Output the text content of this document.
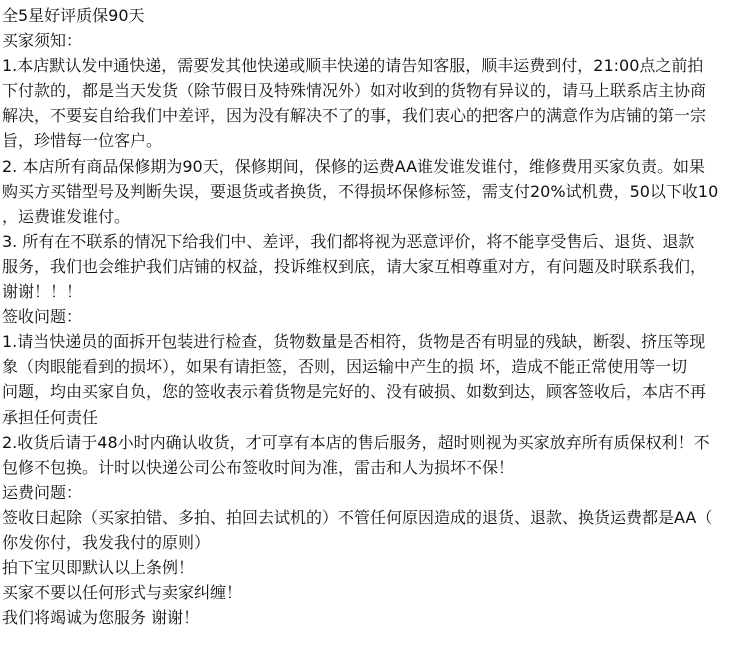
全5星好评质保90天

买家须知：

1.本店默认发中通快递，需要发其他快递或顺丰快递的请告知客服，顺丰运费到付，21:00点之前拍

下付款的，都是当天发货（除节假日及特殊情况外）如对收到的货物有异议的，请马上联系店主协商

解决，不要妄自给我们中差评，因为没有解决不了的事，我们衷心的把客户的满意作为店铺的第一宗

旨，珍惜每一位客户。

2. 本店所有商品保修期为90天，保修期间，保修的运费AA谁发谁发谁付，维修费用买家负责。如果

购买方买错型号及判断失误，要退货或者换货，不得损坏保修标签，需支付20%试机费，50以下收10

，运费谁发谁付。

3. 所有在不联系的情况下给我们中、差评，我们都将视为恶意评价，将不能享受售后、退货、退款

服务，我们也会维护我们店铺的权益，投诉维权到底，请大家互相尊重对方，有问题及时联系我们，

谢谢！！！

签收问题：

1.请当快递员的面拆开包装进行检查，货物数量是否相符，货物是否有明显的残缺，断裂、挤压等现

象（肉眼能看到的损坏），如果有请拒签，否则，因运输中产生的损 坏，造成不能正常使用等一切

问题，均由买家自负，您的签收表示着货物是完好的、没有破损、如数到达，顾客签收后，本店不再

承担任何责任

2.收货后请于48小时内确认收货，才可享有本店的售后服务，超时则视为买家放弃所有质保权利！不

包修不包换。计时以快递公司公布签收时间为准，雷击和人为损坏不保！

运费问题：

签收日起除（买家拍错、多拍、拍回去试机的）不管任何原因造成的退货、退款、换货运费都是AA（

你发你付，我发我付的原则）

拍下宝贝即默认以上条例！

买家不要以任何形式与卖家纠缠！

我们将竭诚为您服务 谢谢！
